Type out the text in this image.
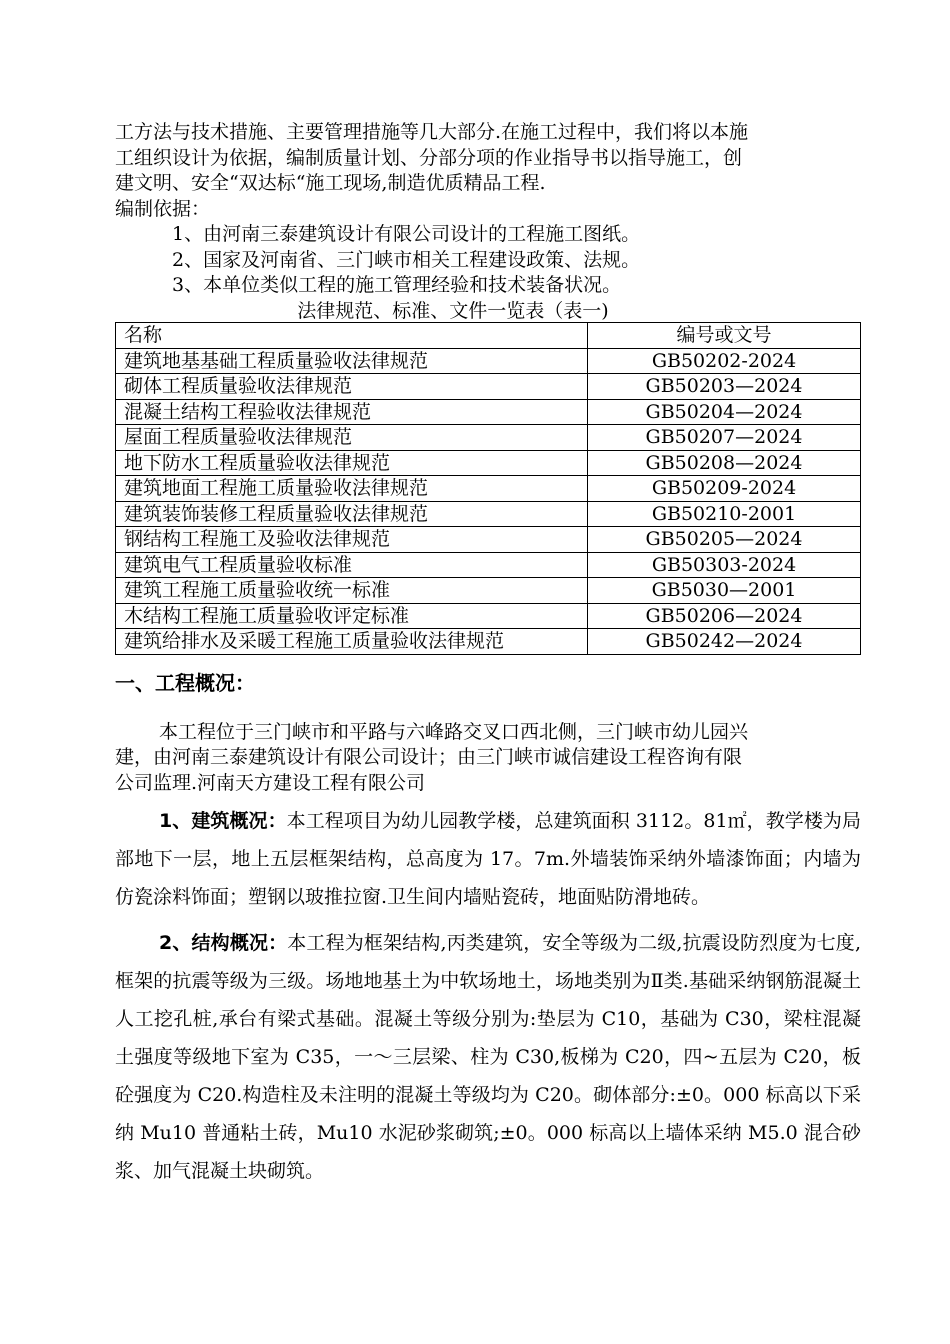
工方法与技术措施、主要管理措施等几大部分.在施工过程中，我们将以本施

工组织设计为依据，编制质量计划、分部分项的作业指导书以指导施工，创

建文明、安全“双达标“施工现场,制造优质精品工程.

编制依据：

1、由河南三泰建筑设计有限公司设计的工程施工图纸。

2、国家及河南省、三门峡市相关工程建设政策、法规。

3、本单位类似工程的施工管理经验和技术装备状况。

法律规范、标准、文件一览表（表一)

名称	编号或文号
建筑地基基础工程质量验收法律规范	GB50202-2024
砌体工程质量验收法律规范	GB50203—2024
混凝土结构工程验收法律规范	GB50204—2024
屋面工程质量验收法律规范	GB50207—2024
地下防水工程质量验收法律规范	GB50208—2024
建筑地面工程施工质量验收法律规范	GB50209-2024
建筑装饰装修工程质量验收法律规范	GB50210-2001
钢结构工程施工及验收法律规范	GB50205—2024
建筑电气工程质量验收标准	GB50303-2024
建筑工程施工质量验收统一标准	GB5030—2001
木结构工程施工质量验收评定标准	GB50206—2024
建筑给排水及采暖工程施工质量验收法律规范	GB50242—2024
一、工程概况：

本工程位于三门峡市和平路与六峰路交叉口西北侧，三门峡市幼儿园兴
建，由河南三泰建筑设计有限公司设计；由三门峡市诚信建设工程咨询有限
公司监理.河南天方建设工程有限公司

1、建筑概况：本工程项目为幼儿园教学楼，总建筑面积 3112。81㎡，教学楼为局部地下一层，地上五层框架结构，总高度为 17。7m.外墙装饰采纳外墙漆饰面；内墙为仿瓷涂料饰面；塑钢以玻推拉窗.卫生间内墙贴瓷砖，地面贴防滑地砖。

2、结构概况：本工程为框架结构,丙类建筑，安全等级为二级,抗震设防烈度为七度,框架的抗震等级为三级。场地地基土为中软场地土，场地类别为Ⅱ类.基础采纳钢筋混凝土人工挖孔桩,承台有梁式基础。混凝土等级分别为:垫层为 C10，基础为 C30，梁柱混凝土强度等级地下室为 C35，一～三层梁、柱为 C30,板梯为 C20，四~五层为 C20，板砼强度为 C20.构造柱及未注明的混凝土等级均为 C20。砌体部分:±0。000 标高以下采纳 Mu10 普通粘土砖，Mu10 水泥砂浆砌筑;±0。000 标高以上墙体采纳 M5.0 混合砂浆、加气混凝土块砌筑。
